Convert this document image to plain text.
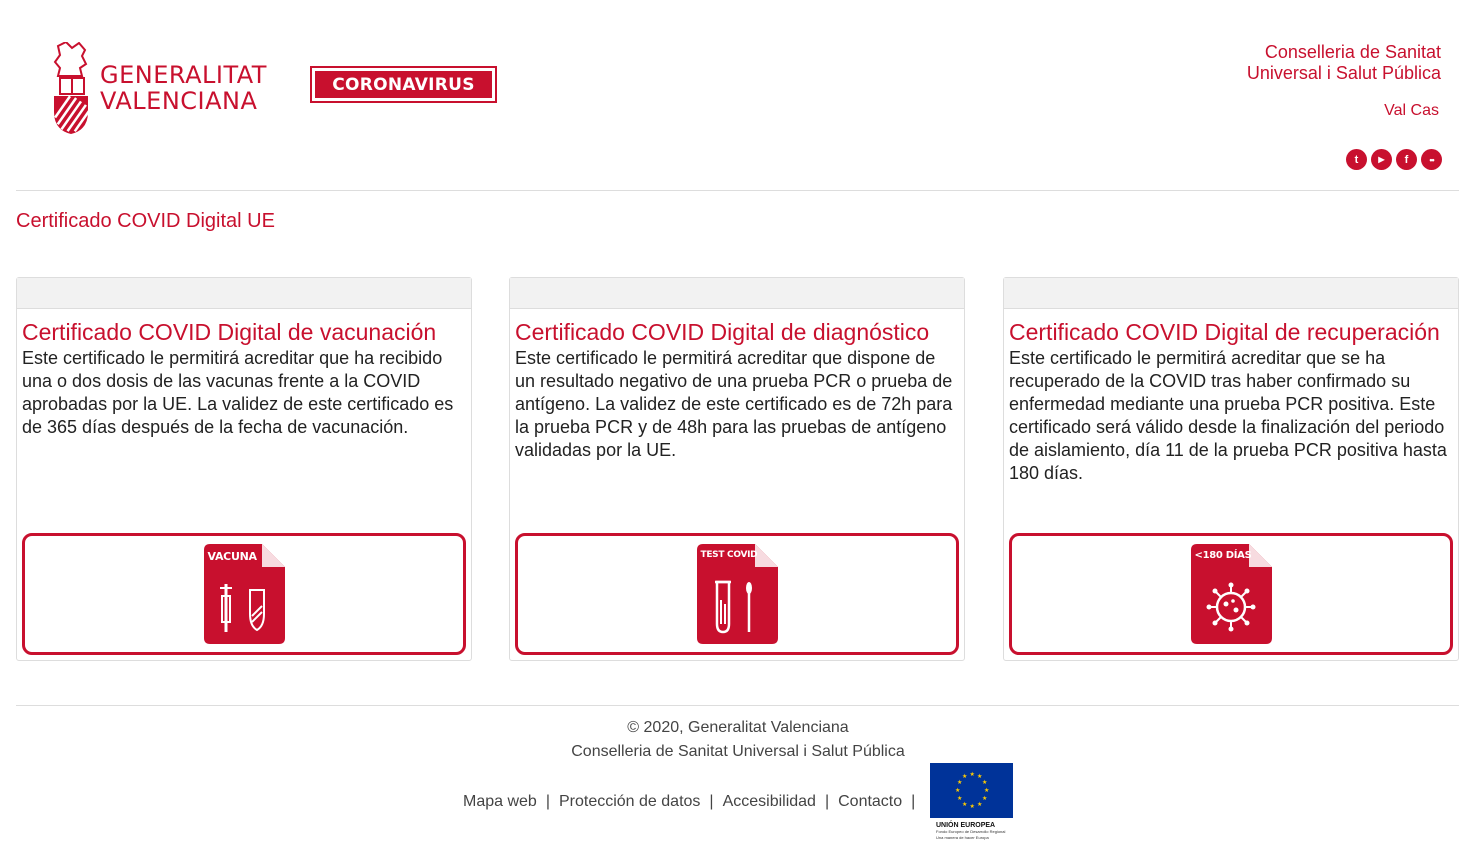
GENERALITAT
VALENCIANA
CORONAVIRUS
Conselleria de Sanitat
Universal i Salut Pública
Val Cas
t	▶	f	••
Certificado COVID Digital UE
Certificado COVID Digital de vacunación
Este certificado le permitirá acreditar que ha recibido una o dos dosis de las vacunas frente a la COVID aprobadas por la UE. La validez de este certificado es de 365 días después de la fecha de vacunación.
VACUNA
Certificado COVID Digital de diagnóstico
Este certificado le permitirá acreditar que dispone de un resultado negativo de una prueba PCR o prueba de antígeno. La validez de este certificado es de 72h para la prueba PCR y de 48h para las pruebas de antígeno validadas por la UE.
TEST COVID
Certificado COVID Digital de recuperación
Este certificado le permitirá acreditar que se ha recuperado de la COVID tras haber confirmado su enfermedad mediante una prueba PCR positiva. Este certificado será válido desde la finalización del periodo de aislamiento, día 11 de la prueba PCR positiva hasta 180 días.
<180 DÍAS
© 2020, Generalitat Valenciana
Conselleria de Sanitat Universal i Salut Pública
Mapa web | Protección de datos | Accesibilidad | Contacto |
★ ★
★
★
★
★
★
★
★
★
★
★
UNIÓN EUROPEA
Fondo Europeo de Desarrollo Regional
Una manera de hacer Europa
